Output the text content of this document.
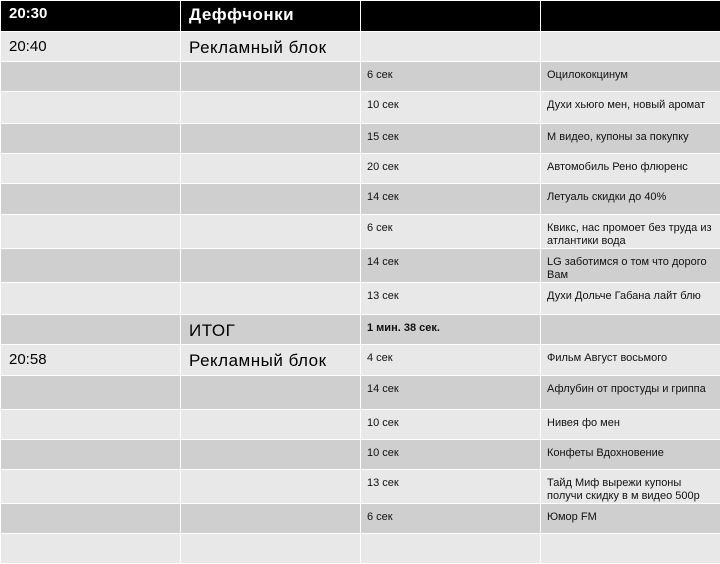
20:30	Деффчонки		

20:40	Рекламный блок		

		6 сек	Оцилококцинум

		10 сек	Духи хьюго мен, новый аромат

		15 сек	М видео, купоны за покупку

		20 сек	Автомобиль Рено флюренс

		14 сек	Летуаль скидки до 40%

		6 сек	Квикс, нас промоет без труда из атлантики вода

		14 сек	LG заботимся о том что дорого Вам

		13 сек	Духи Дольче Габана лайт блю

	ИТОГ	1 мин. 38 сек.	

20:58	Рекламный блок	4 сек	Фильм Август восьмого

		14 сек	Афлубин от простуды и гриппа

		10 сек	Нивея фо мен

		10 сек	Конфеты Вдохновение

		13 сек	Тайд Миф вырежи купоны получи скидку в м видео 500р

		6 сек	Юмор FM
